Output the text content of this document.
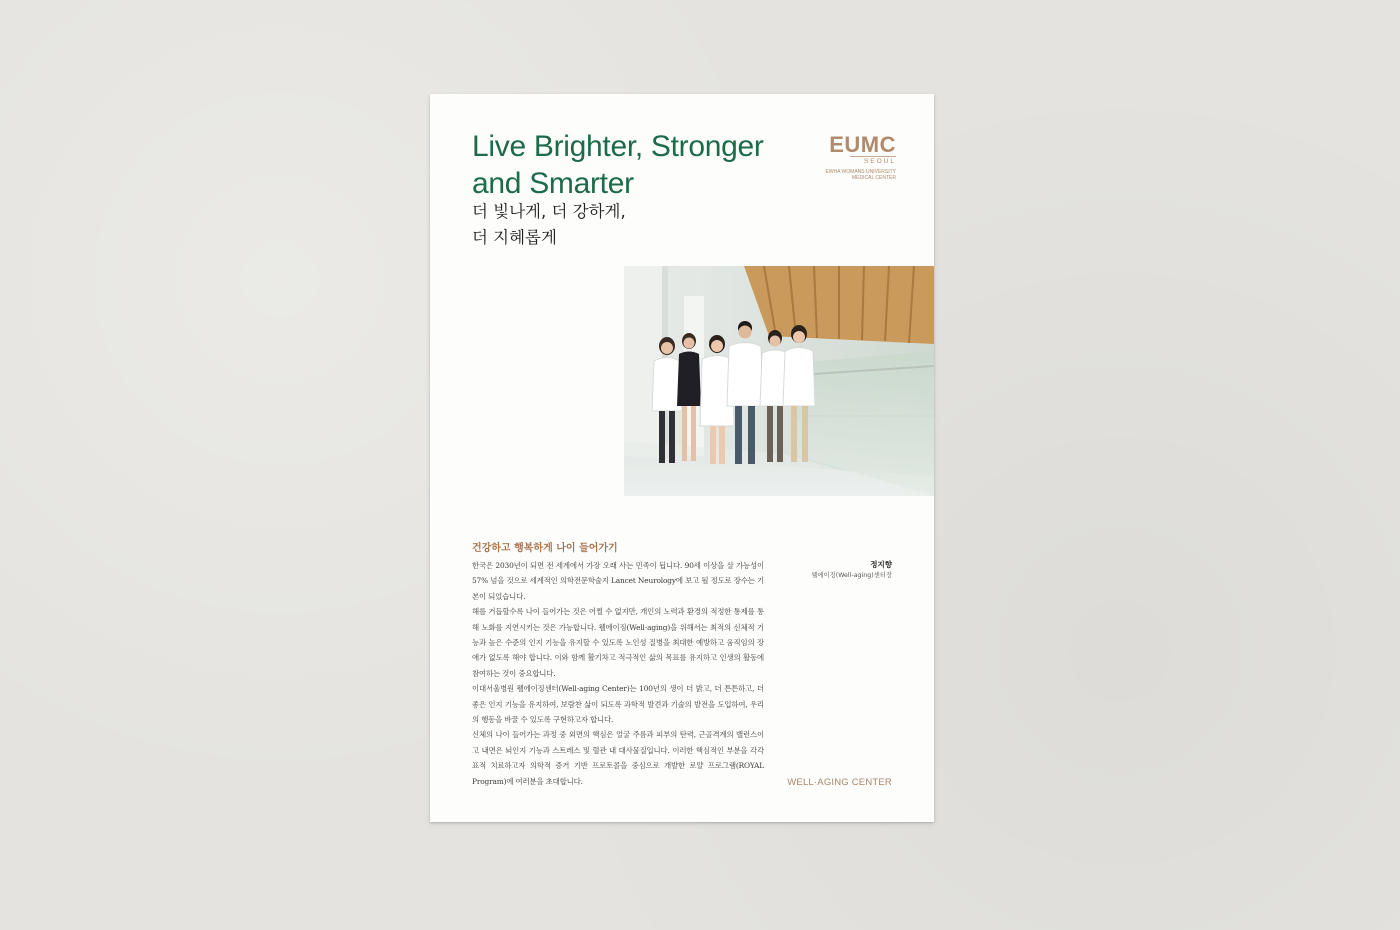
Live Brighter, Stronger
and Smarter
더 빛나게, 더 강하게,
더 지혜롭게
EUMC
SEOUL
EWHA WOMANS UNIVERSITY
MEDICAL CENTER
건강하고 행복하게 나이 들어가기

한국은 2030년이 되면 전 세계에서 가장 오래 사는 민족이 됩니다. 90세 이상을 살 가능성이 57% 넘을 것으로 세계적인 의학전문학술지 Lancet Neurology에 보고 될 정도로 장수는 기본이 되었습니다.

해를 거듭할수록 나이 들어가는 것은 어쩔 수 없지만, 개인의 노력과 환경의 적정한 통제를 통해 노화를 지연시키는 것은 가능합니다. 웰에이징(Well-aging)을 위해서는 최적의 신체적 기능과 높은 수준의 인지 기능을 유지할 수 있도록 노인성 질병을 최대한 예방하고 움직임의 장애가 없도록 해야 합니다. 이와 함께 활기차고 적극적인 삶의 목표를 유지하고 인생의 활동에 참여하는 것이 중요합니다.

이대서울병원 웰에이징센터(Well-aging Center)는 100년의 생이 더 밝고, 더 튼튼하고, 더 좋은 인지 기능을 유지하여, 보람찬 삶이 되도록 과학적 발견과 기술의 발전을 도입하여, 우리의 행동을 바꿀 수 있도록 구현하고자 합니다.

신체의 나이 들어가는 과정 중 외면의 핵심은 얼굴 주름과 피부의 탄력, 근골격계의 밸런스이고 내면은 뇌인지 기능과 스트레스 및 혈관 내 대사물질입니다. 이러한 핵심적인 부분을 각각 표적 치료하고자 의학적 증거 기반 프로토콜을 중심으로 개발한 로얄 프로그램(ROYAL Program)에 여러분을 초대합니다.

정지향
웰에이징(Well-aging)센터장
WELL·AGING CENTER
